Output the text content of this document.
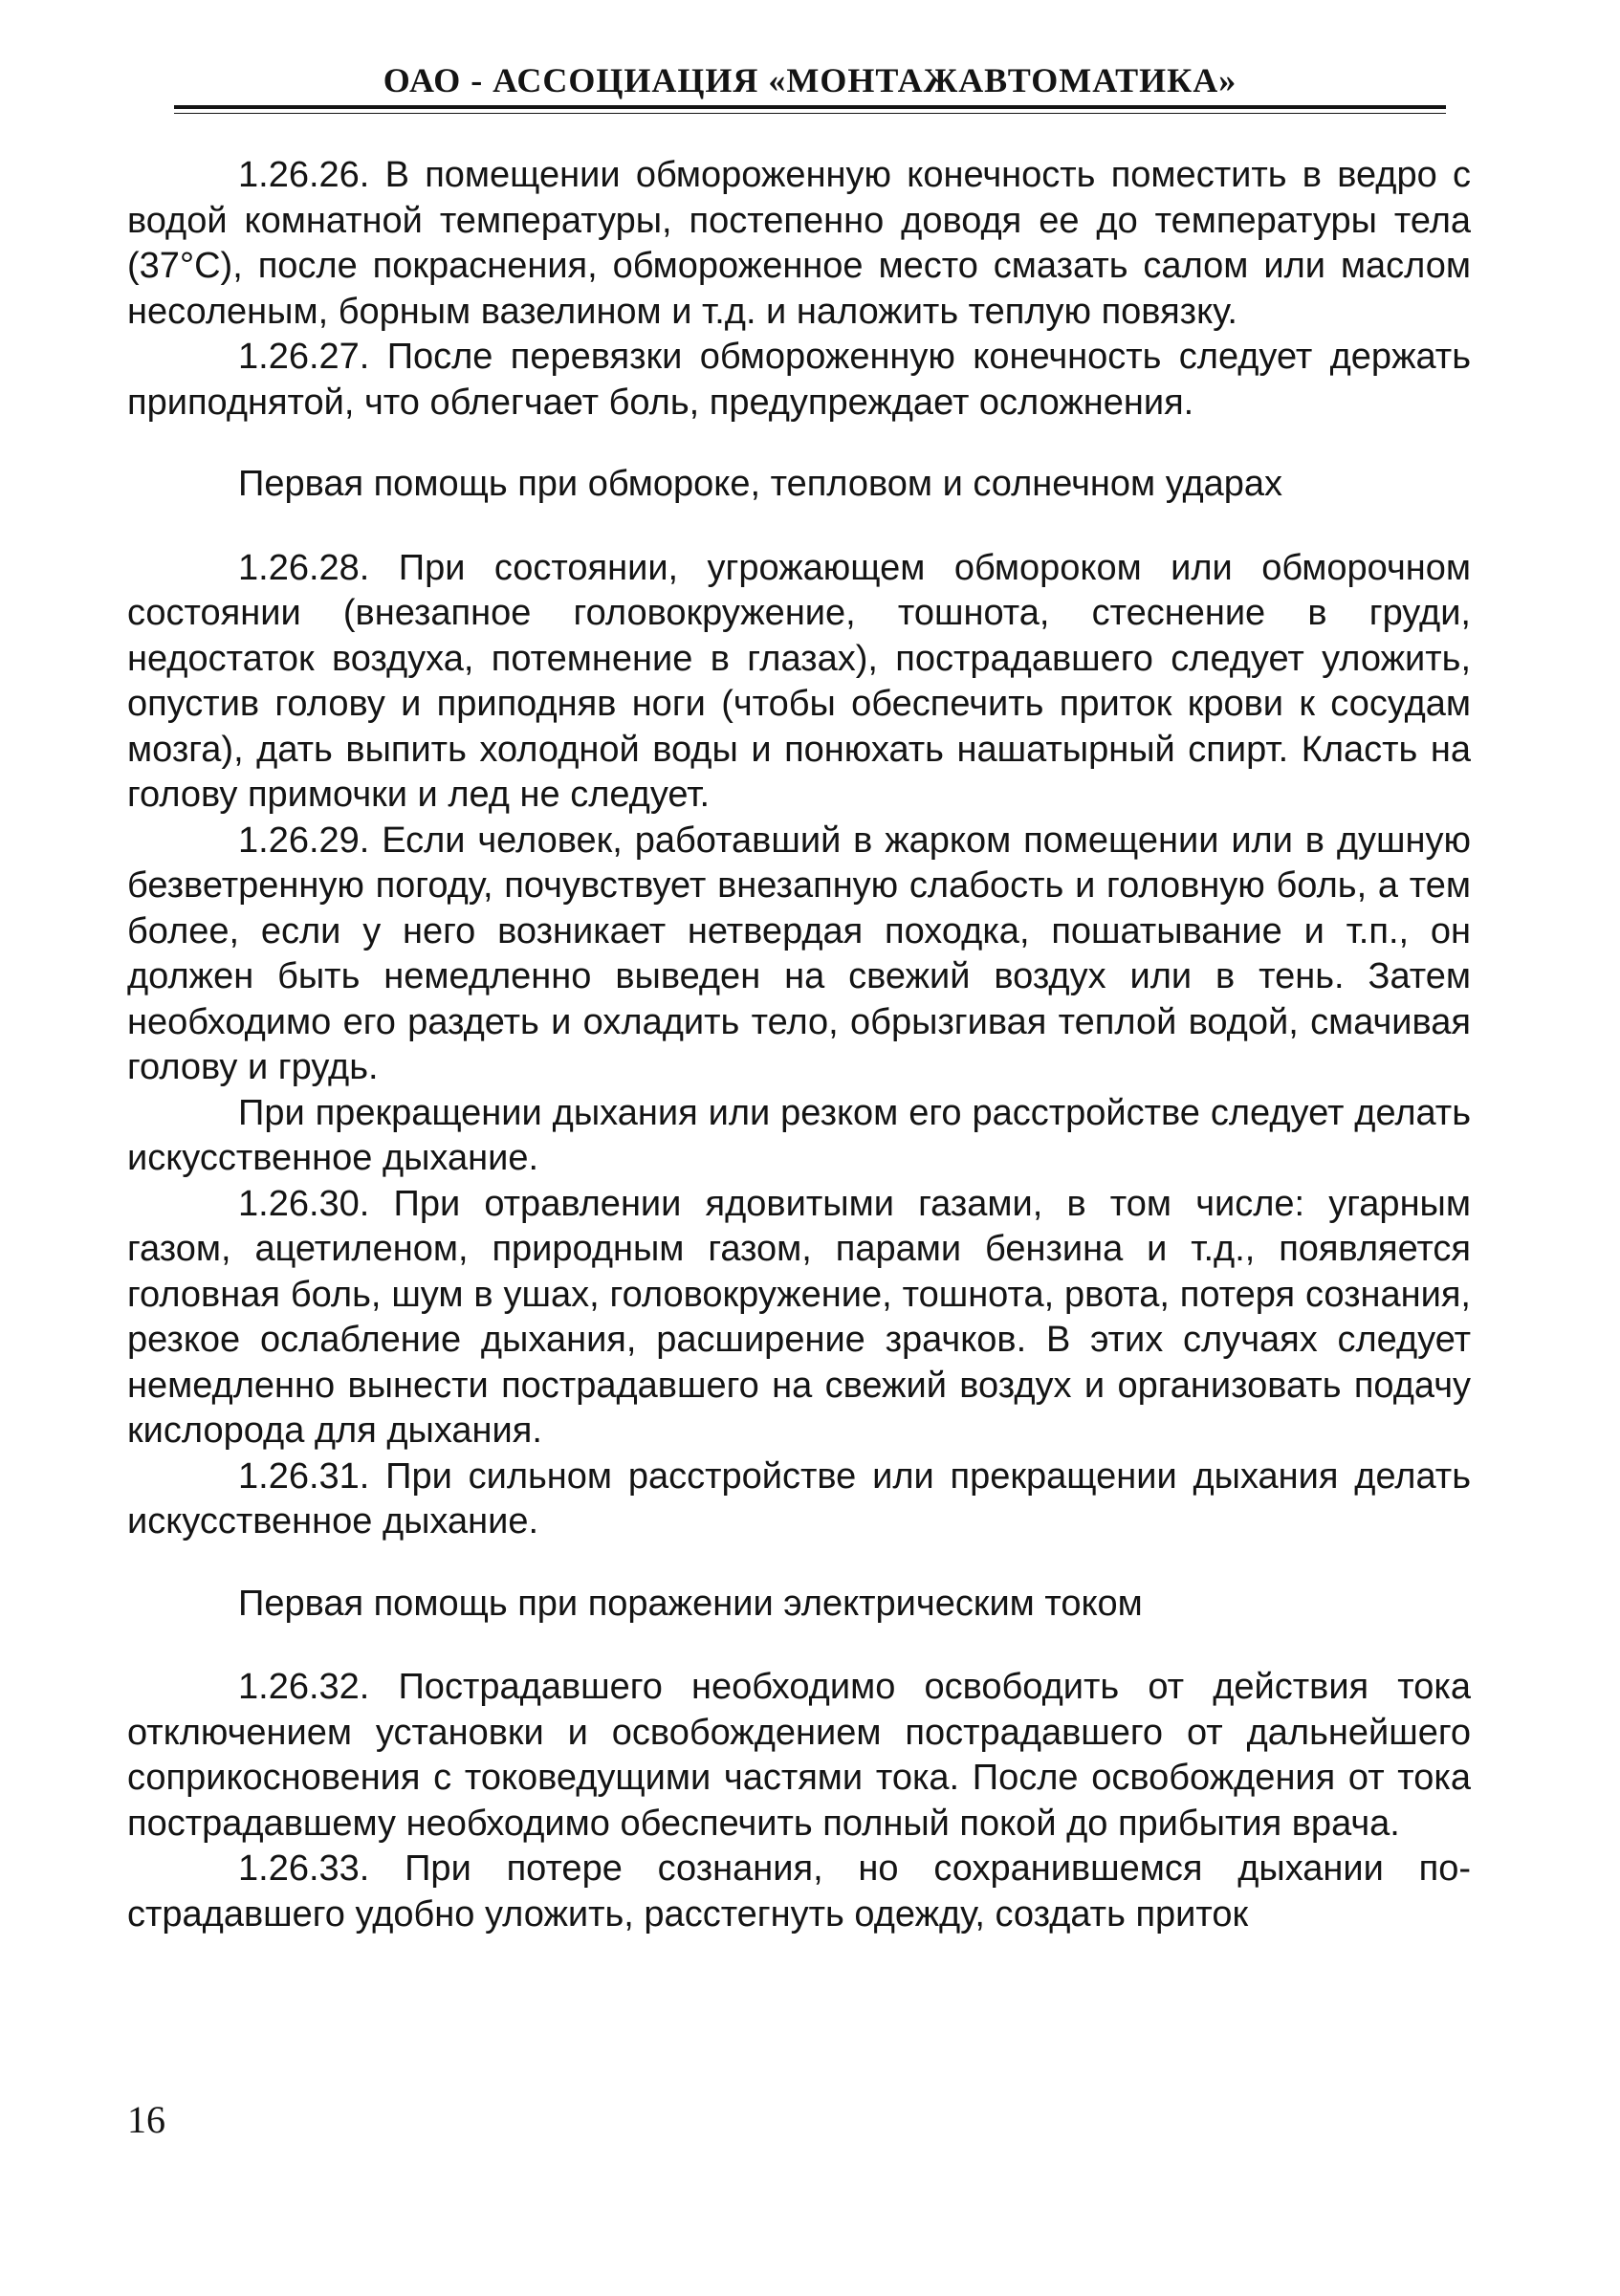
ОАО - АССОЦИАЦИЯ «МОНТАЖАВТОМАТИКА»

1.26.26. В помещении обмороженную конечность поместить в ведро с водой комнатной температуры, постепенно доводя ее до температуры тела (37°С), после покраснения, обмороженное место смазать салом или маслом несоленым, борным вазелином и т.д. и наложить теплую повязку.

1.26.27. После перевязки обмороженную конечность следует держать приподнятой, что облегчает боль, предупреждает осложнения.

Первая помощь при обмороке, тепловом и солнечном ударах

1.26.28. При состоянии, угрожающем обмороком или обморочном состоянии (внезапное головокружение, тошнота, стеснение в груди, недостаток воздуха, потемнение в глазах), пострадавшего следует уложить, опустив голову и приподняв ноги (чтобы обеспечить приток крови к сосудам мозга), дать выпить холодной воды и понюхать нашатырный спирт. Класть на голову примочки и лед не следует.

1.26.29. Если человек, работавший в жарком помещении или в душную безветренную погоду, почувствует внезапную слабость и головную боль, а тем более, если у него возникает нетвердая походка, пошатывание и т.п., он должен быть немедленно выведен на свежий воздух или в тень. Затем необходимо его раздеть и охладить тело, обрызгивая теплой водой, смачивая голову и грудь.

При прекращении дыхания или резком его расстройстве следует делать искусственное дыхание.

1.26.30. При отравлении ядовитыми газами, в том числе: угарным газом, ацетиленом, природным газом, парами бензина и т.д., появляется головная боль, шум в ушах, головокружение, тошнота, рвота, потеря сознания, резкое ослабление дыхания, расширение зрачков. В этих случаях следует немедленно вынести пострадавшего на свежий воздух и организовать подачу кислорода для дыхания.

1.26.31. При сильном расстройстве или прекращении дыхания делать искусственное дыхание.

Первая помощь при поражении электрическим током

1.26.32. Пострадавшего необходимо освободить от действия тока отключением установки и освобождением пострадавшего от дальнейшего соприкосновения с токоведущими частями тока. После освобождения от тока пострадавшему необходимо обеспечить полный покой до прибытия врача.

1.26.33. При потере сознания, но сохранившемся дыхании пострадавшего удобно уложить, расстегнуть одежду, создать приток

16
